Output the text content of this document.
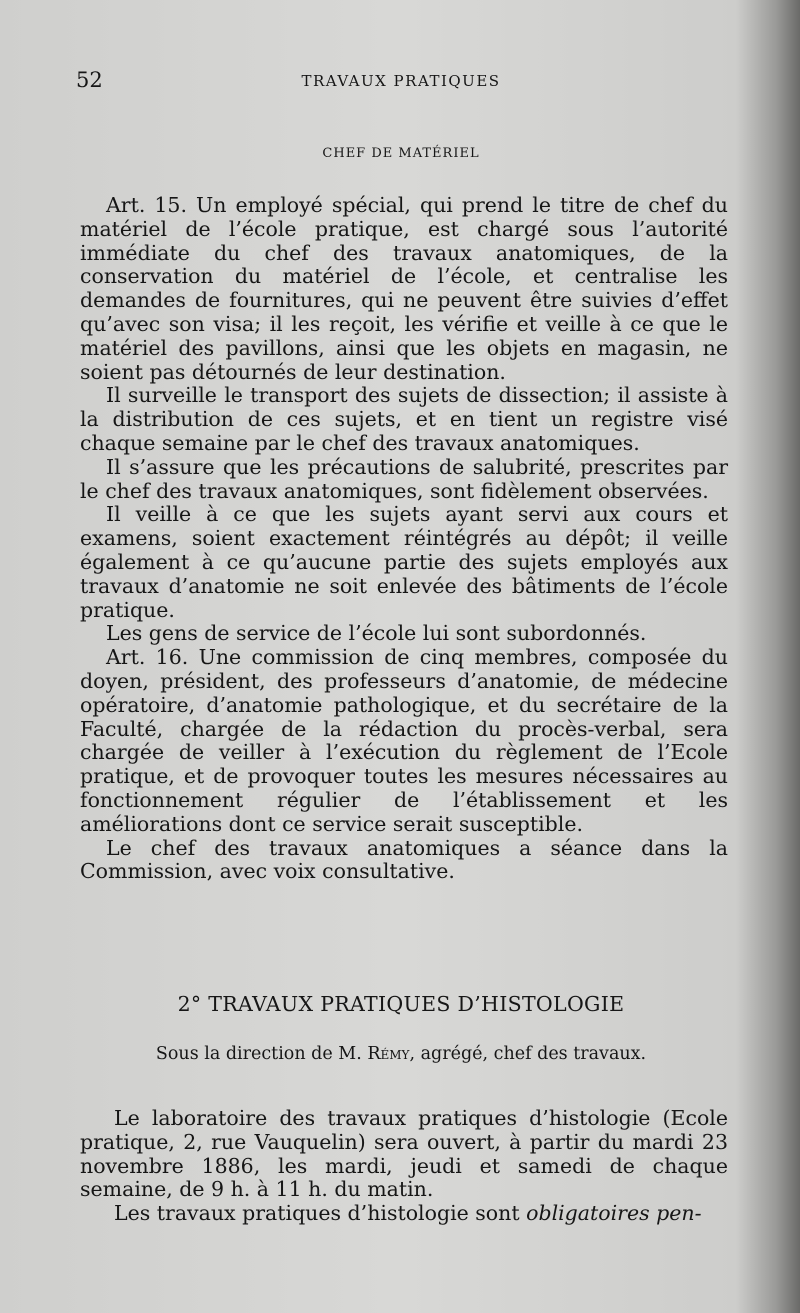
52	TRAVAUX PRATIQUES
CHEF DE MATÉRIEL

Art. 15. Un employé spécial, qui prend le titre de chef du matériel de l’école pratique, est chargé sous l’autorité immédiate du chef des travaux anatomiques, de la conservation du matériel de l’école, et centralise les demandes de fournitures, qui ne peuvent être suivies d’effet qu’avec son visa; il les reçoit, les vérifie et veille à ce que le matériel des pavillons, ainsi que les objets en magasin, ne soient pas détournés de leur destination.

Il surveille le transport des sujets de dissection; il assiste à la distribution de ces sujets, et en tient un registre visé chaque semaine par le chef des travaux anatomiques.

Il s’assure que les précautions de salubrité, prescrites par le chef des travaux anatomiques, sont fidèlement observées.

Il veille à ce que les sujets ayant servi aux cours et examens, soient exactement réintégrés au dépôt; il veille également à ce qu’aucune partie des sujets employés aux travaux d’anatomie ne soit enlevée des bâtiments de l’école pratique.

Les gens de service de l’école lui sont subordonnés.

Art. 16. Une commission de cinq membres, composée du doyen, président, des professeurs d’anatomie, de médecine opératoire, d’anatomie pathologique, et du secrétaire de la Faculté, chargée de la rédaction du procès-verbal, sera chargée de veiller à l’exécution du règlement de l’Ecole pratique, et de provoquer toutes les mesures nécessaires au fonctionnement régulier de l’établissement et les améliorations dont ce service serait susceptible.

Le chef des travaux anatomiques a séance dans la Commission, avec voix consultative.

2° TRAVAUX PRATIQUES D’HISTOLOGIE
Sous la direction de M. Rémy, agrégé, chef des travaux.

Le laboratoire des travaux pratiques d’histologie (Ecole pratique, 2, rue Vauquelin) sera ouvert, à partir du mardi 23 novembre 1886, les mardi, jeudi et samedi de chaque semaine, de 9 h. à 11 h. du matin.

Les travaux pratiques d’histologie sont obligatoires pen-
